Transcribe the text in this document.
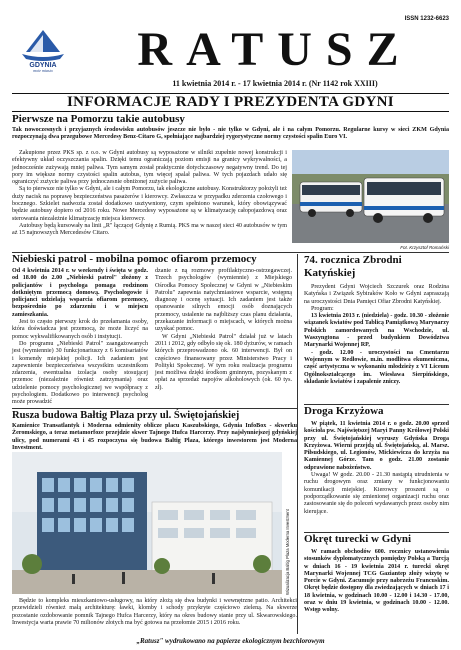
ISSN 1232-6623
GDYNIA
moje miasto	RATUSZ
11 kwietnia 2014 r. - 17 kwietnia 2014 r. (Nr 1142 rok XXIII)
INFORMACJE RADY I PREZYDENTA GDYNI
Pierwsze na Pomorzu takie autobusy
Tak nowoczesnych i przyjaznych środowisku autobusów jeszcze nie było - nie tylko w Gdyni, ale i na całym Pomorzu. Regularne kursy w sieci ZKM Gdynia rozpoczynają dwa przegubowe Mercedesy Benz-Citaro G, spełniające najbardziej rygorystyczne normy czystości spalin Euro VI.

Zakupione przez PKS sp. z o.o. w Gdyni autobusy są wyposażone w silniki zupełnie nowej konstrukcji i efektywny układ oczyszczania spalin. Dzięki temu ograniczają poziom emisji na granicy wykrywalności, a jednocześnie zużywają mniej paliwa. Tym samym został praktycznie dotychczasowy negatywny trend. Do tej pory im większe normy czystości spalin autobus, tym więcej spalał paliwa. W tych pojazdach udało się ograniczyć zużycie paliwa przy jednoczesnie obniżonej zużycie paliwa.

Są to pierwsze nie tylko w Gdyni, ale i całym Pomorzu, tak ekologiczne autobusy. Konstruktorzy położyli też duży nacisk na poprawę bezpieczeństwa pasażerów i kierowcy. Zwłaszcza w przypadku zderzenia czołowego i bocznego. Szkielet nadwozia został dodatkowo usztywniony, czym spełniono warunek, który obowiązywać będzie autobusy dopiero od 2016 roku. Nowe Mercedesy wyposażone są w klimatyzację całopojazdową oraz sterowania niezależnie klimatyzację miejsca kierowcy.

Autobusy będą kursowały na linii „R" łączącej Gdynię z Rumią. PKS ma w naszej sieci 40 autobusów w tym aż 15 najnowszych Mercedesów Citaro.

Fot. Krzysztof Romański
Niebieski patrol - mobilna pomoc ofiarom przemocy

Od 4 kwietnia 2014 r. w weekendy i święta w godz. od 18.00 do 2.00 „Niebieski patrol" złożony z policjantów i psychologa pomaga rodzinom dotkniętym przemocą domową. Psychologowie i policjanci udzielają wsparcia ofiarom przemocy, bezpośrednio po zdarzeniu i w miejscu zamieszkania.

Jest to często pierwszy krok do przełamania osoby, która doświadcza jest przemocą, że może liczyć na pomoc wykwalifikowanych osób i instytucji.

Do programu „Niebieski Patrol" zaangażowanych jest (wymiennie) 30 funkcjonariuszy z 6 komisariatów i komendy miejskiej policji. Ich zadaniem jest zapewnienie bezpieczeństwa wszystkim uczestnikom zdarzenia, ewentualna izolacja osoby stosującej przemoc (niezależnie również zatrzymania) oraz udzielenie pomocy psychologicznej we współpracy z psychologiem. Dodatkowo po interwencji psycholog może prowadzić

dzanie z ną rozmowy profilaktyczno-ostrzegawczej. Trzech psychologów (wymiennie) z Miejskiego Ośrodka Pomocy Społecznej w Gdyni w „Niebieskim Patrolu" zapewnia natychmiastowe wsparcie, wstępną diagnozę i ocenę sytuacji. Ich zadaniem jest także opanowanie silnych emocji osób doznających przemocy, ustalenie na najbliższy czas planu działania, przekazanie informacji o miejscach, w których można uzyskać pomoc.

W Gdyni „Niebieski Patrol" działał już w latach 2011 i 2012, gdy odbyło się ok. 180 dyżurów, w ramach których przeprowadzono ok. 60 interwencji. Był on częściowo finansowany przez Ministerstwo Pracy i Polityki Społecznej. W tym roku realizacja programu jest możliwa dzięki środkom gminnym, pozyskanym z opłat za sprzedaż napojów alkoholowych (ok. 60 tys. zł).

74. rocznica Zbrodni Katyńskiej

Prezydent Gdyni Wojciech Szczurek oraz Rodzina Katyńska i Związek Sybiraków Koło w Gdyni zapraszają na uroczystości Dnia Pamięci Ofiar Zbrodni Katyńskiej.

Program:

13 kwietnia 2013 r. (niedziela) - godz. 10.30 - złożenie wiązanek kwiatów pod Tablicą Pamiątkową Marynarzy Polskich zamordowanych na Wschodzie, ul. Waszyngtona - przed budynkiem Dowództwa Marynarki Wojennej RP,

- godz. 12.00 - uroczystości na Cmentarzu Wojennym w Redłowie, m.in. modlitwa ekumeniczna, część artystyczna w wykonaniu młodzieży z VI Liceum Ogólnokształcącego im. Wiesława Sierpińskiego, składanie kwiatów i zapalenie zniczy.

Droga Krzyżowa

W piątek, 11 kwietnia 2014 r. o godz. 20.00 sprzed kościoła pw. Najświętszej Maryi Panny Królowej Polski przy ul. Świętojańskiej wyruszy Gdyńska Droga Krzyżowa. Wierni przejdą ul. Świętojańską, al. Marsz. Piłsudskiego, ul. Legionów, Mickiewicza do krzyża na Kamiennej Górze. Tam o godz. 21.00 zostanie odprawione nabożeństwo.

Uwaga! W godz. 20.00 - 21.30 nastąpią utrudnienia w ruchu drogowym oraz zmiany w funkcjonowaniu komunikacji miejskiej. Kierowcy proszeni są o podporządkowanie się zmienionej organizacji ruchu oraz zastosowanie się do poleceń wydawanych przez osoby nim kierujące.

Okręt turecki w Gdyni

W ramach obchodów 600. rocznicy ustanowienia stosunków dyplomatycznych pomiędzy Polską a Turcją w dniach 16 - 19 kwietnia 2014 r. turecki okręt Marynarki Wojennej TCG Gaziantep złoży wizytę w Porcie w Gdyni. Zacumuje przy nabrzeżu Francuskim. Okręt będzie dostępny dla zwiedzających w dniach 17 i 18 kwietnia, w godzinach 10.00 - 12.00 i 14.30 - 17.00, oraz w dniu 19 kwietnia, w godzinach 10.00 - 12.00. Wstęp wolny.

Rusza budowa Bałtig Plaza przy ul. Świętojańskiej
Kamienice Transatlantyk i Moderna odmienity oblicze placu Kaszubskiego, Gdynia InfoBox - skwerku Żeromskiego, a teraz metamorfoze przejdzie skwer Tajnego Hufca Harcerzy. Przy najsłynniejszej gdyńskiej ulicy, pod numerami 43 i 45 rozpoczyna się budowa Baltig Plaza, którego inwestorem jest Moderna Investment.
Wizualizacja Baltig Plaza Moderna Investment

Będzie to kompleks mieszkaniowo-usługowy, na który złożą się dwa budynki i wewnętrzne patio. Architekci przewidzieli również małą architekturę: ławki, klomby i schody przykryte częściowo zieleną. Na skwerze pozostanie ozdobowanie pomnik Tajnego Hufca Harcerzy, który na okres budowy stanie przy ul. Skwarowskiego. Inwestycja warta prawie 70 milionów złotych ma być gotowa na przełomie 2015 i 2016 roku.

„Ratusz" wydrukowano na papierze ekologicznym bezchlorowym
